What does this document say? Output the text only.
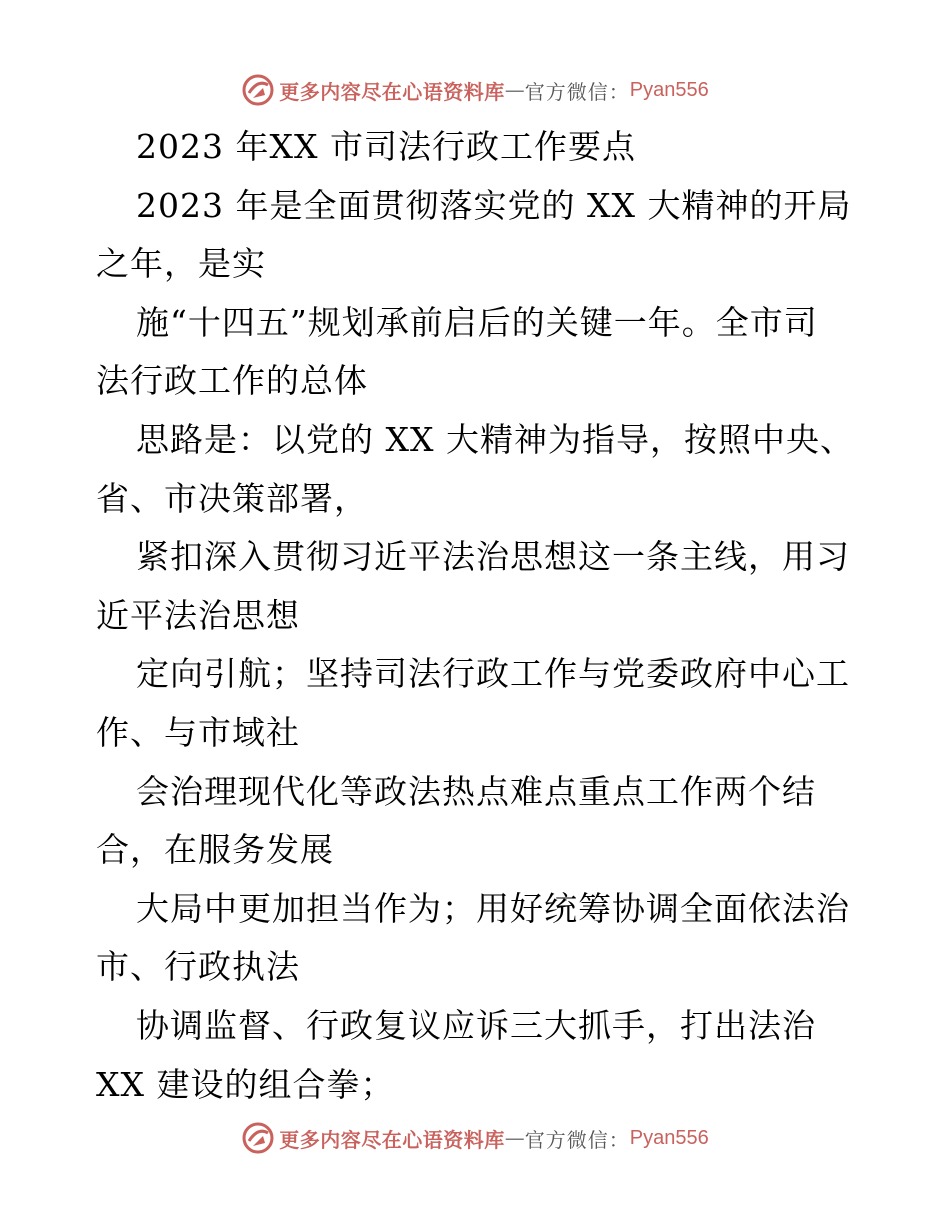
更多内容尽在心语资料库 — 官方微信： Pyan556
2023 年XX 市司法行政工作要点
2023 年是全面贯彻落实党的 XX 大精神的开局
之年，是实
施“十四五”规划承前启后的关键一年。全市司
法行政工作的总体
思路是：以党的 XX 大精神为指导，按照中央、
省、市决策部署，
紧扣深入贯彻习近平法治思想这一条主线，用习
近平法治思想
定向引航；坚持司法行政工作与党委政府中心工
作、与市域社
会治理现代化等政法热点难点重点工作两个结
合，在服务发展
大局中更加担当作为；用好统筹协调全面依法治
市、行政执法
协调监督、行政复议应诉三大抓手，打出法治
XX 建设的组合拳；
更多内容尽在心语资料库 — 官方微信： Pyan556
